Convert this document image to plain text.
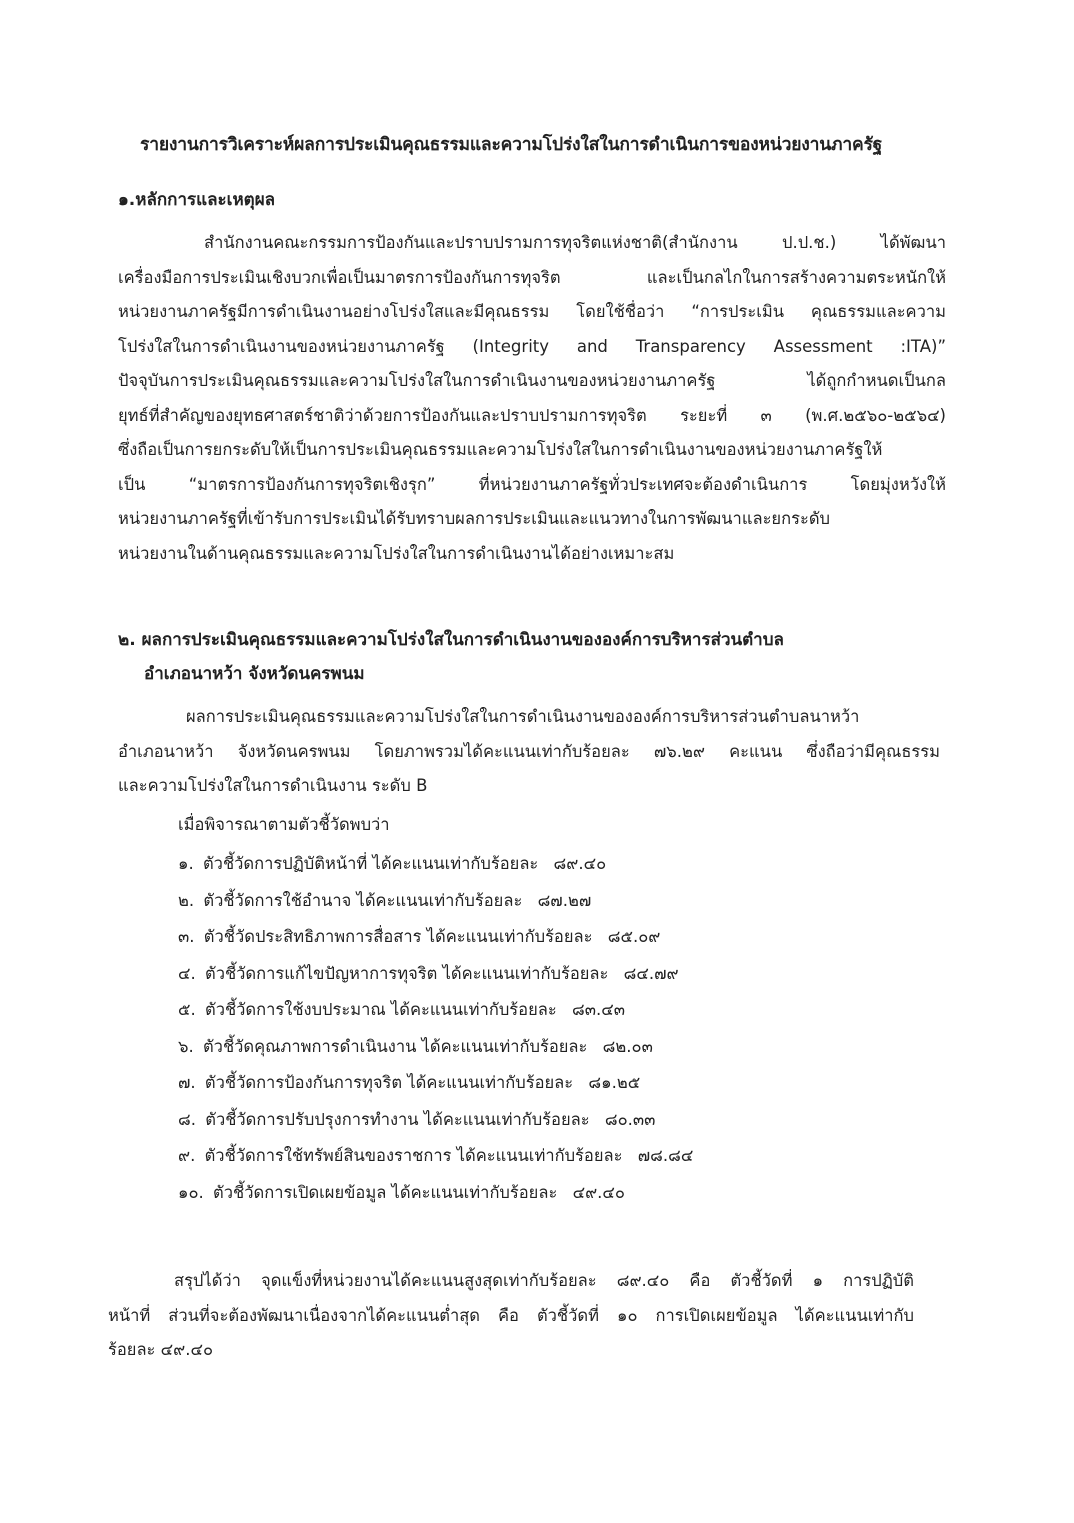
รายงานการวิเคราะห์ผลการประเมินคุณธรรมและความโปร่งใสในการดำเนินการของหน่วยงานภาครัฐ
๑.หลักการและเหตุผล
สำนักงานคณะกรรมการป้องกันและปราบปรามการทุจริตแห่งชาติ(สำนักงาน ป.ป.ช.) ได้พัฒนา
เครื่องมือการประเมินเชิงบวกเพื่อเป็นมาตรการป้องกันการทุจริต และเป็นกลไกในการสร้างความตระหนักให้
หน่วยงานภาครัฐมีการดำเนินงานอย่างโปร่งใสและมีคุณธรรม โดยใช้ชื่อว่า “การประเมิน คุณธรรมและความ
โปร่งใสในการดำเนินงานของหน่วยงานภาครัฐ (Integrity and Transparency Assessment :ITA)”
ปัจจุบันการประเมินคุณธรรมและความโปร่งใสในการดำเนินงานของหน่วยงานภาครัฐ ได้ถูกกำหนดเป็นกล
ยุทธ์ที่สำคัญของยุทธศาสตร์ชาติว่าด้วยการป้องกันและปราบปรามการทุจริต ระยะที่ ๓ (พ.ศ.๒๕๖๐-๒๕๖๔)
ซึ่งถือเป็นการยกระดับให้เป็นการประเมินคุณธรรมและความโปร่งใสในการดำเนินงานของหน่วยงานภาครัฐให้
เป็น “มาตรการป้องกันการทุจริตเชิงรุก” ที่หน่วยงานภาครัฐทั่วประเทศจะต้องดำเนินการ โดยมุ่งหวังให้
หน่วยงานภาครัฐที่เข้ารับการประเมินได้รับทราบผลการประเมินและแนวทางในการพัฒนาและยกระดับ
หน่วยงานในด้านคุณธรรมและความโปร่งใสในการดำเนินงานได้อย่างเหมาะสม
๒. ผลการประเมินคุณธรรมและความโปร่งใสในการดำเนินงานขององค์การบริหารส่วนตำบล
อำเภอนาหว้า จังหวัดนครพนม
ผลการประเมินคุณธรรมและความโปร่งใสในการดำเนินงานขององค์การบริหารส่วนตำบลนาหว้า
อำเภอนาหว้า จังหวัดนครพนม โดยภาพรวมได้คะแนนเท่ากับร้อยละ ๗๖.๒๙ คะแนน ซึ่งถือว่ามีคุณธรรม
และความโปร่งใสในการดำเนินงาน ระดับ B
เมื่อพิจารณาตามตัวชี้วัดพบว่า
๑. ตัวชี้วัดการปฏิบัติหน้าที่ ได้คะแนนเท่ากับร้อยละ ๘๙.๔๐
๒. ตัวชี้วัดการใช้อำนาจ ได้คะแนนเท่ากับร้อยละ ๘๗.๒๗
๓. ตัวชี้วัดประสิทธิภาพการสื่อสาร ได้คะแนนเท่ากับร้อยละ ๘๕.๐๙
๔. ตัวชี้วัดการแก้ไขปัญหาการทุจริต ได้คะแนนเท่ากับร้อยละ ๘๔.๗๙
๕. ตัวชี้วัดการใช้งบประมาณ ได้คะแนนเท่ากับร้อยละ ๘๓.๔๓
๖. ตัวชี้วัดคุณภาพการดำเนินงาน ได้คะแนนเท่ากับร้อยละ ๘๒.๐๓
๗. ตัวชี้วัดการป้องกันการทุจริต ได้คะแนนเท่ากับร้อยละ ๘๑.๒๕
๘. ตัวชี้วัดการปรับปรุงการทำงาน ได้คะแนนเท่ากับร้อยละ ๘๐.๓๓
๙. ตัวชี้วัดการใช้ทรัพย์สินของราชการ ได้คะแนนเท่ากับร้อยละ ๗๘.๘๔
๑๐. ตัวชี้วัดการเปิดเผยข้อมูล ได้คะแนนเท่ากับร้อยละ ๔๙.๔๐
สรุปได้ว่า จุดแข็งที่หน่วยงานได้คะแนนสูงสุดเท่ากับร้อยละ ๘๙.๔๐ คือ ตัวชี้วัดที่ ๑ การปฏิบัติ
หน้าที่ ส่วนที่จะต้องพัฒนาเนื่องจากได้คะแนนต่ำสุด คือ ตัวชี้วัดที่ ๑๐ การเปิดเผยข้อมูล ได้คะแนนเท่ากับ
ร้อยละ ๔๙.๔๐
